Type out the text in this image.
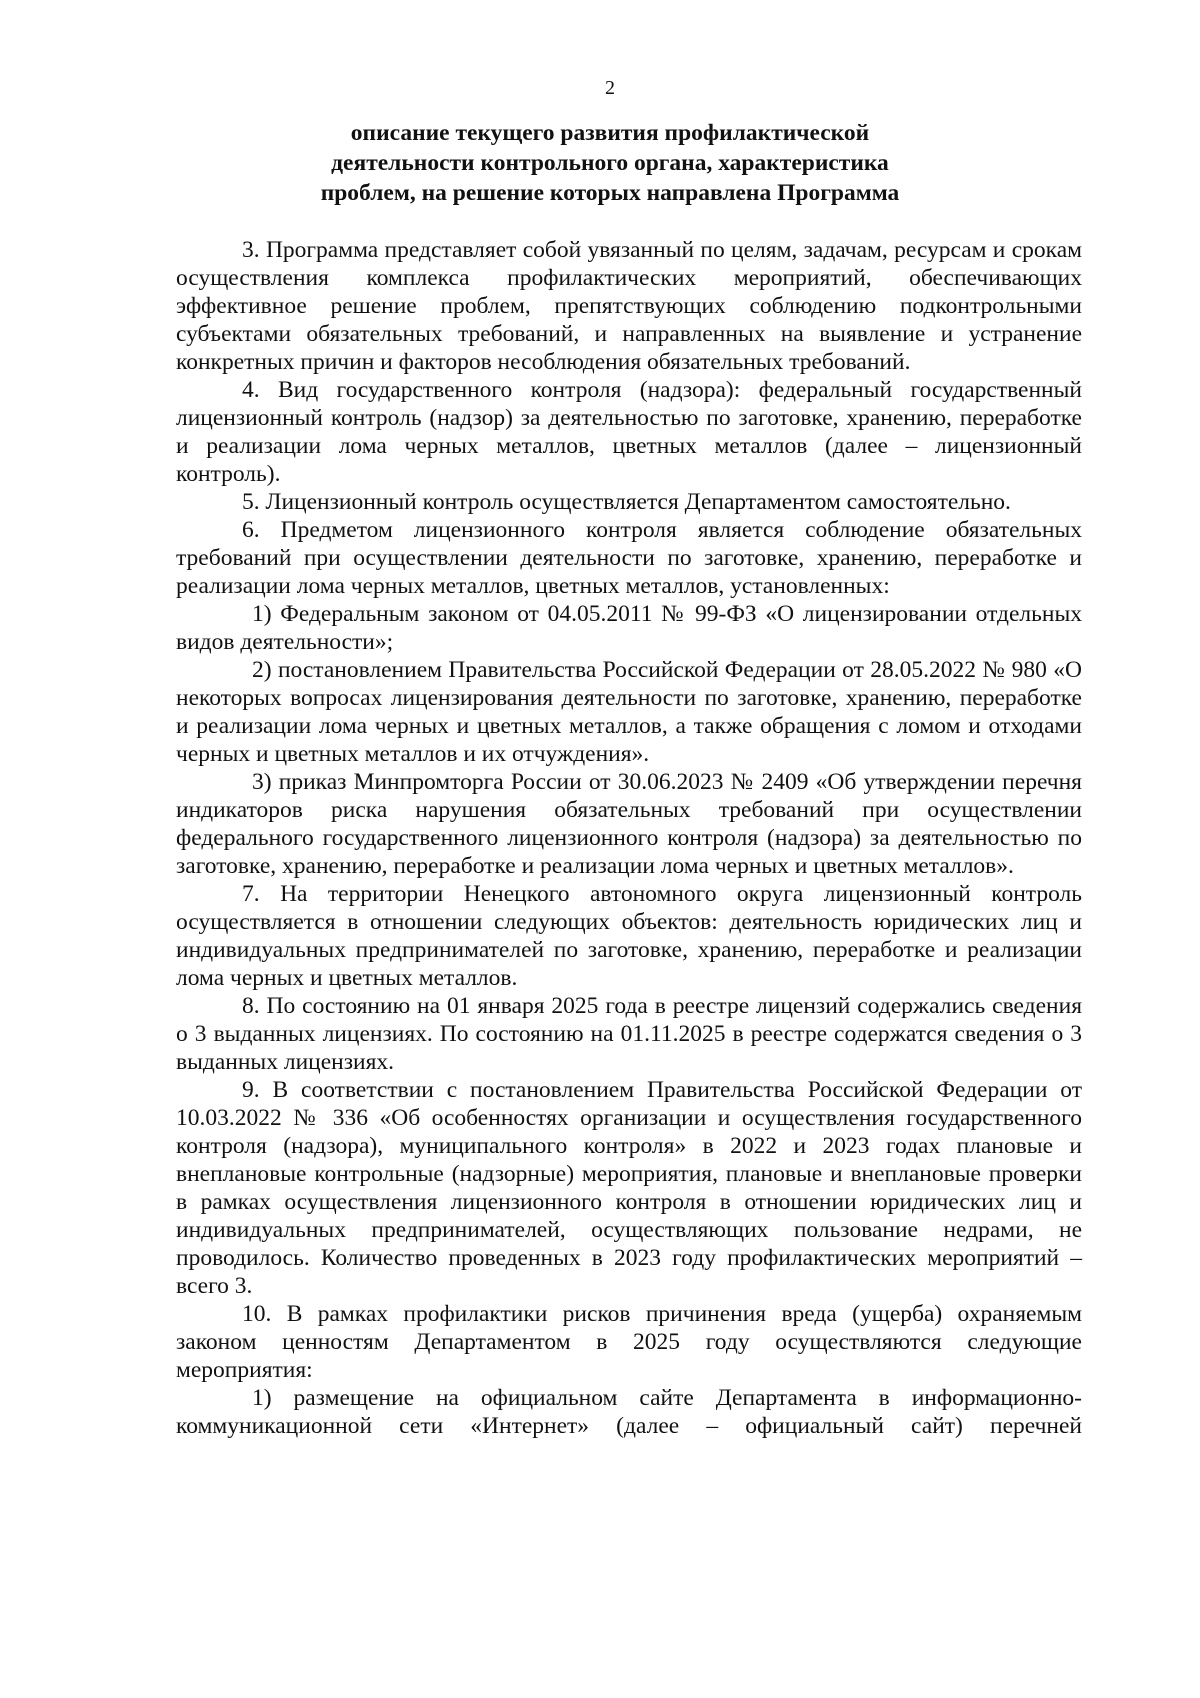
2
описание текущего развития профилактической
деятельности контрольного органа, характеристика
проблем, на решение которых направлена Программа

3. Программа представляет собой увязанный по целям, задачам, ресурсам и срокам осуществления комплекса профилактических мероприятий, обеспечивающих эффективное решение проблем, препятствующих соблюдению подконтрольными субъектами обязательных требований, и направленных на выявление и устранение конкретных причин и факторов несоблюдения обязательных требований.

4. Вид государственного контроля (надзора): федеральный государственный лицензионный контроль (надзор) за деятельностью по заготовке, хранению, переработке и реализации лома черных металлов, цветных металлов (далее – лицензионный контроль).

5. Лицензионный контроль осуществляется Департаментом самостоятельно.

6. Предметом лицензионного контроля является соблюдение обязательных требований при осуществлении деятельности по заготовке, хранению, переработке и реализации лома черных металлов, цветных металлов, установленных:

1) Федеральным законом от 04.05.2011 № 99-ФЗ «О лицензировании отдельных видов деятельности»;

2) постановлением Правительства Российской Федерации от 28.05.2022 № 980 «О некоторых вопросах лицензирования деятельности по заготовке, хранению, переработке и реализации лома черных и цветных металлов, а также обращения с ломом и отходами черных и цветных металлов и их отчуждения».

3) приказ Минпромторга России от 30.06.2023 № 2409 «Об утверждении перечня индикаторов риска нарушения обязательных требований при осуществлении федерального государственного лицензионного контроля (надзора) за деятельностью по заготовке, хранению, переработке и реализации лома черных и цветных металлов».

7. На территории Ненецкого автономного округа лицензионный контроль осуществляется в отношении следующих объектов: деятельность юридических лиц и индивидуальных предпринимателей по заготовке, хранению, переработке и реализации лома черных и цветных металлов.

8. По состоянию на 01 января 2025 года в реестре лицензий содержались сведения о 3 выданных лицензиях. По состоянию на 01.11.2025 в реестре содержатся сведения о 3 выданных лицензиях.

9. В соответствии с постановлением Правительства Российской Федерации от 10.03.2022 № 336 «Об особенностях организации и осуществления государственного контроля (надзора), муниципального контроля» в 2022 и 2023 годах плановые и внеплановые контрольные (надзорные) мероприятия, плановые и внеплановые проверки в рамках осуществления лицензионного контроля в отношении юридических лиц и индивидуальных предпринимателей, осуществляющих пользование недрами, не проводилось. Количество проведенных в 2023 году профилактических мероприятий – всего 3.

10. В рамках профилактики рисков причинения вреда (ущерба) охраняемым законом ценностям Департаментом в 2025 году осуществляются следующие мероприятия:

1) размещение на официальном сайте Департамента в информационно-коммуникационной сети «Интернет» (далее – официальный сайт) перечней
